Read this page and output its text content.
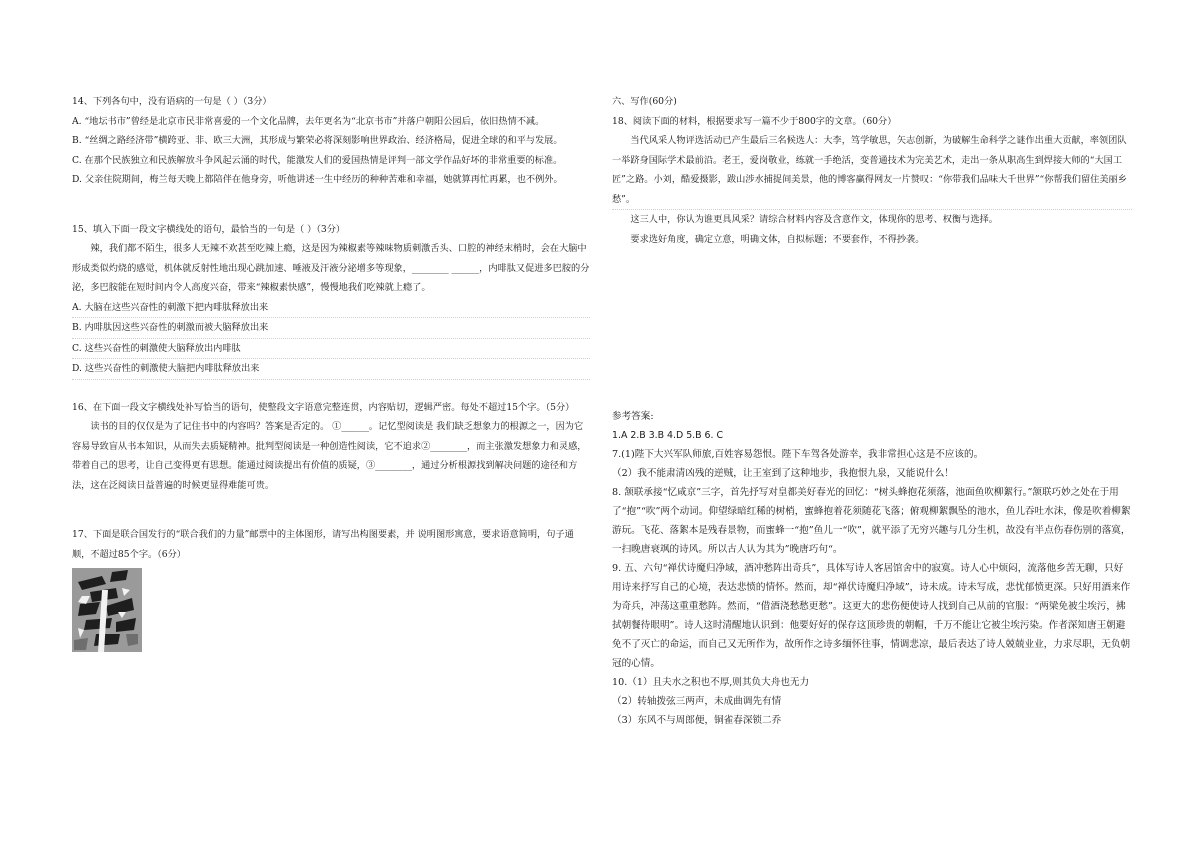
14、下列各句中，没有语病的一句是（ ）（3分）

A. “地坛书市”曾经是北京市民非常喜爱的一个文化品牌，去年更名为“北京书市”并落户朝阳公园后，依旧热情不减。

B. “丝绸之路经济带”横跨亚、非、欧三大洲，其形成与繁荣必将深刻影响世界政治、经济格局，促进全球的和平与发展。

C. 在那个民族独立和民族解放斗争风起云涌的时代，能激发人们的爱国热情是评判一部文学作品好坏的非常重要的标准。

D. 父亲住院期间，梅兰每天晚上都陪伴在他身旁，听他讲述一生中经历的种种苦难和幸福，她就算再忙再累，也不例外。

15、填入下面一段文字横线处的语句，最恰当的一句是（ ）（3分）

辣，我们都不陌生，很多人无辣不欢甚至吃辣上瘾，这是因为辣椒素等辣味物质刺激舌头、口腔的神经末梢时，会在大脑中形成类似灼烧的感觉，机体就反射性地出现心跳加速、唾液及汗液分泌增多等现象，________ ______，内啡肽又促进多巴胺的分泌，多巴胺能在短时间内令人高度兴奋，带来“辣椒素快感”，慢慢地我们吃辣就上瘾了。

A. 大脑在这些兴奋性的刺激下把内啡肽释放出来

B. 内啡肽因这些兴奋性的刺激而被大脑释放出来

C. 这些兴奋性的刺激使大脑释放出内啡肽

D. 这些兴奋性的刺激使大脑把内啡肽释放出来

16、在下面一段文字横线处补写恰当的语句，使整段文字语意完整连贯，内容贴切，逻辑严密。每处不超过15个字。（5分）

读书的目的仅仅是为了记住书中的内容吗？答案是否定的。 ①______。记忆型阅读是 我们缺乏想象力的根源之一，因为它容易导致盲从书本知识，从而失去质疑精神。批判型阅读是一种创造性阅读，它不追求②________，而主张激发想象力和灵感，带着自己的思考，让自己变得更有思想。能通过阅读提出有价值的质疑，③________，通过分析根源找到解决问题的途径和方法，这在泛阅读日益普遍的时候更显得难能可贵。

17、下面是联合国发行的“联合我们的力量”邮票中的主体图形，请写出构图要素，并 说明图形寓意，要求语意简明，句子通顺，不超过85个字。（6分）

六、写作(60分)

18、阅读下面的材料，根据要求写一篇不少于800字的文章。（60分）

当代风采人物评选活动已产生最后三名候选人：大李，笃学敏思，矢志创新，为破解生命科学之谜作出重大贡献，率领团队一举跻身国际学术最前沿。老王，爱岗敬业，练就一手绝活，变普通技术为完美艺术，走出一条从职高生到焊接大师的“大国工匠”之路。小刘，酷爱摄影，跋山涉水捕捉间美景，他的博客赢得网友一片赞叹：“你带我们品味大千世界”“你帮我们留住美丽乡愁”。

这三人中，你认为谁更具风采？请综合材料内容及含意作文，体现你的思考、权衡与选择。

要求选好角度，确定立意，明确文体，自拟标题；不要套作，不得抄袭。

参考答案:

1.A 2.B 3.B 4.D 5.B 6. C

7.(1)陛下大兴军队师旅,百姓容易怨恨。陛下车驾各处游幸，我非常担心这是不应该的。

（2）我不能肃清凶残的逆贼，让王室到了这种地步，我抱恨九泉，又能说什么！

8. 颔联承接“忆咸京”三字，首先抒写对皇都美好春光的回忆：“树头蜂抱花须落，池面鱼吹柳絮行。”颔联巧妙之处在于用了“抱”“吹”两个动词。仰望绿暗红稀的树梢，蜜蜂抱着花须随花飞落；俯观柳絮飘坠的池水，鱼儿吞吐水沫，像是吹着柳絮游玩。飞花、落絮本是残春景物，而蜜蜂一“抱”鱼儿一“吹”，就平添了无穷兴趣与几分生机，故没有半点伤春伤别的落寞，一扫晚唐衰飒的诗风。所以古人认为其为”晚唐巧句“。

9. 五、六句“禅伏诗魔归净域，酒冲愁阵出奇兵”，具体写诗人客居馆舍中的寂寞。诗人心中烦闷，流落他乡苦无聊，只好用诗来抒写自己的心境，表达悲愤的情怀。然而，却“禅伏诗魔归净域”，诗未成。诗未写成，悲忧郁愤更深。只好用酒来作为奇兵，冲荡这重重愁阵。然而，“借酒浇愁愁更愁”。这更大的悲伤便使诗人找到自己从前的官服：“两梁免被尘埃污，拂拭朝餐待眼明”。诗人这时清醒地认识到：他要好好的保存这顶珍贵的朝帽，千万不能让它被尘埃污染。作者深知唐王朝避免不了灭亡的命运，而自己又无所作为，故所作之诗多缅怀往事，情调悲凉，最后表达了诗人兢兢业业，力求尽职，无负朝冠的心情。

10.（1）且夫水之积也不厚,则其负大舟也无力

（2）转轴拨弦三两声，未成曲调先有情

（3）东风不与周郎便，铜雀春深锁二乔
